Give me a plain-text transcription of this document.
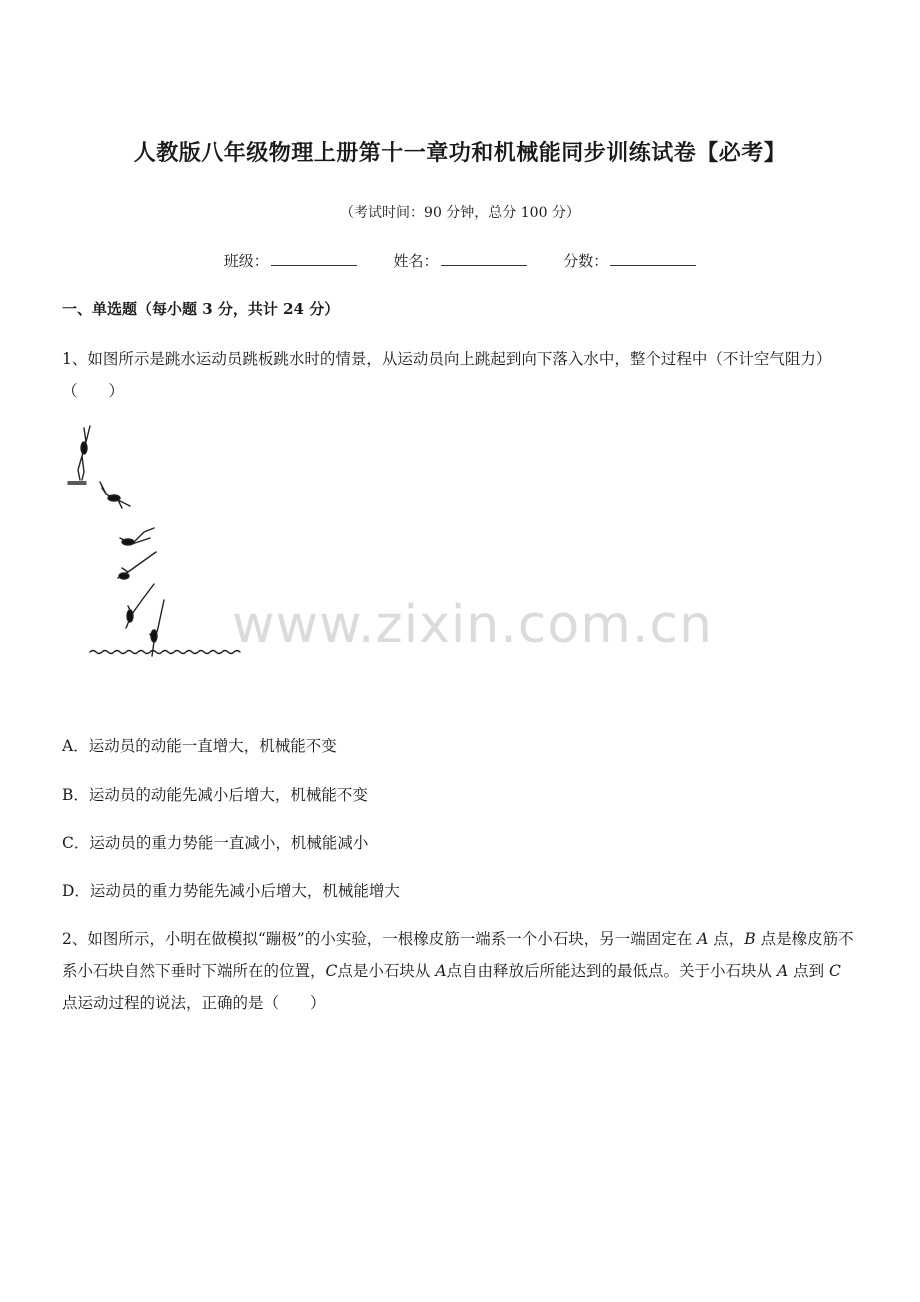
人教版八年级物理上册第十一章功和机械能同步训练试卷【必考】
（考试时间：90 分钟，总分 100 分）
班级：	姓名：	分数：
一、单选题（每小题 3 分，共计 24 分）
1、如图所示是跳水运动员跳板跳水时的情景，从运动员向上跳起到向下落入水中，整个过程中（不计空气阻力）（　　）
A．运动员的动能一直增大，机械能不变
B．运动员的动能先减小后增大，机械能不变
C．运动员的重力势能一直减小，机械能减小
D．运动员的重力势能先减小后增大，机械能增大
2、如图所示，小明在做模拟“蹦极”的小实验，一根橡皮筋一端系一个小石块，另一端固定在 A 点，B 点是橡皮筋不系小石块自然下垂时下端所在的位置，C点是小石块从 A点自由释放后所能达到的最低点。关于小石块从 A 点到 C 点运动过程的说法，正确的是（　　）
www.zixin.com.cn
